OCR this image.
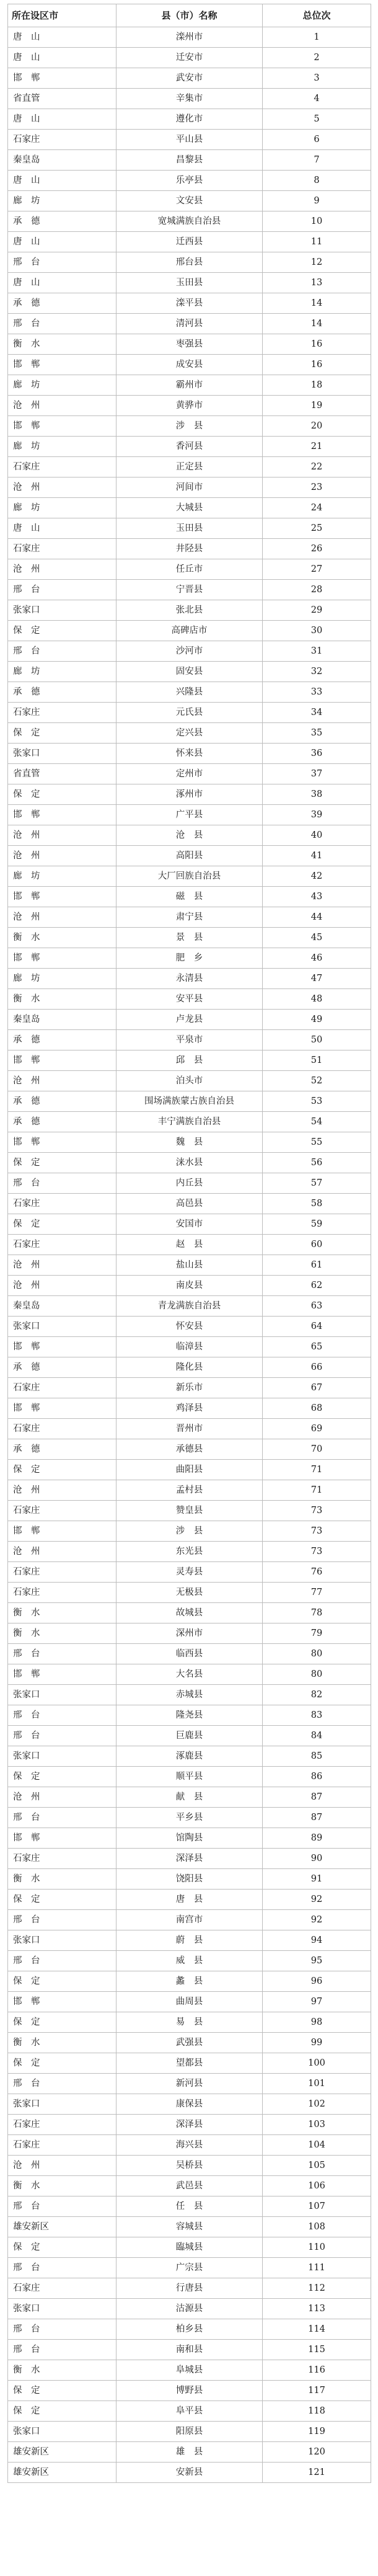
所在设区市	县（市）名称	总位次
唐　山	滦州市	1
唐　山	迁安市	2
邯　郸	武安市	3
省直管	辛集市	4
唐　山	遵化市	5
石家庄	平山县	6
秦皇岛	昌黎县	7
唐　山	乐亭县	8
廊　坊	文安县	9
承　德	宽城满族自治县	10
唐　山	迁西县	11
邢　台	邢台县	12
唐　山	玉田县	13
承　德	滦平县	14
邢　台	清河县	14
衡　水	枣强县	16
邯　郸	成安县	16
廊　坊	霸州市	18
沧　州	黄骅市	19
邯　郸	涉　县	20
廊　坊	香河县	21
石家庄	正定县	22
沧　州	河间市	23
廊　坊	大城县	24
唐　山	玉田县	25
石家庄	井陉县	26
沧　州	任丘市	27
邢　台	宁晋县	28
张家口	张北县	29
保　定	高碑店市	30
邢　台	沙河市	31
廊　坊	固安县	32
承　德	兴隆县	33
石家庄	元氏县	34
保　定	定兴县	35
张家口	怀来县	36
省直管	定州市	37
保　定	涿州市	38
邯　郸	广平县	39
沧　州	沧　县	40
沧　州	高阳县	41
廊　坊	大厂回族自治县	42
邯　郸	磁　县	43
沧　州	肃宁县	44
衡　水	景　县	45
邯　郸	肥　乡	46
廊　坊	永清县	47
衡　水	安平县	48
秦皇岛	卢龙县	49
承　德	平泉市	50
邯　郸	邱　县	51
沧　州	泊头市	52
承　德	围场满族蒙古族自治县	53
承　德	丰宁满族自治县	54
邯　郸	魏　县	55
保　定	涞水县	56
邢　台	内丘县	57
石家庄	高邑县	58
保　定	安国市	59
石家庄	赵　县	60
沧　州	盐山县	61
沧　州	南皮县	62
秦皇岛	青龙满族自治县	63
张家口	怀安县	64
邯　郸	临漳县	65
承　德	隆化县	66
石家庄	新乐市	67
邯　郸	鸡泽县	68
石家庄	晋州市	69
承　德	承德县	70
保　定	曲阳县	71
沧　州	孟村县	71
石家庄	赞皇县	73
邯　郸	涉　县	73
沧　州	东光县	73
石家庄	灵寿县	76
石家庄	无极县	77
衡　水	故城县	78
衡　水	深州市	79
邢　台	临西县	80
邯　郸	大名县	80
张家口	赤城县	82
邢　台	隆尧县	83
邢　台	巨鹿县	84
张家口	涿鹿县	85
保　定	顺平县	86
沧　州	献　县	87
邢　台	平乡县	87
邯　郸	馆陶县	89
石家庄	深泽县	90
衡　水	饶阳县	91
保　定	唐　县	92
邢　台	南宫市	92
张家口	蔚　县	94
邢　台	威　县	95
保　定	蠡　县	96
邯　郸	曲周县	97
保　定	易　县	98
衡　水	武强县	99
保　定	望都县	100
邢　台	新河县	101
张家口	康保县	102
石家庄	深泽县	103
石家庄	海兴县	104
沧　州	吴桥县	105
衡　水	武邑县	106
邢　台	任　县	107
雄安新区	容城县	108
保　定	臨城县	110
邢　台	广宗县	111
石家庄	行唐县	112
张家口	沽源县	113
邢　台	柏乡县	114
邢　台	南和县	115
衡　水	阜城县	116
保　定	博野县	117
保　定	阜平县	118
张家口	阳原县	119
雄安新区	雄　县	120
雄安新区	安新县	121
